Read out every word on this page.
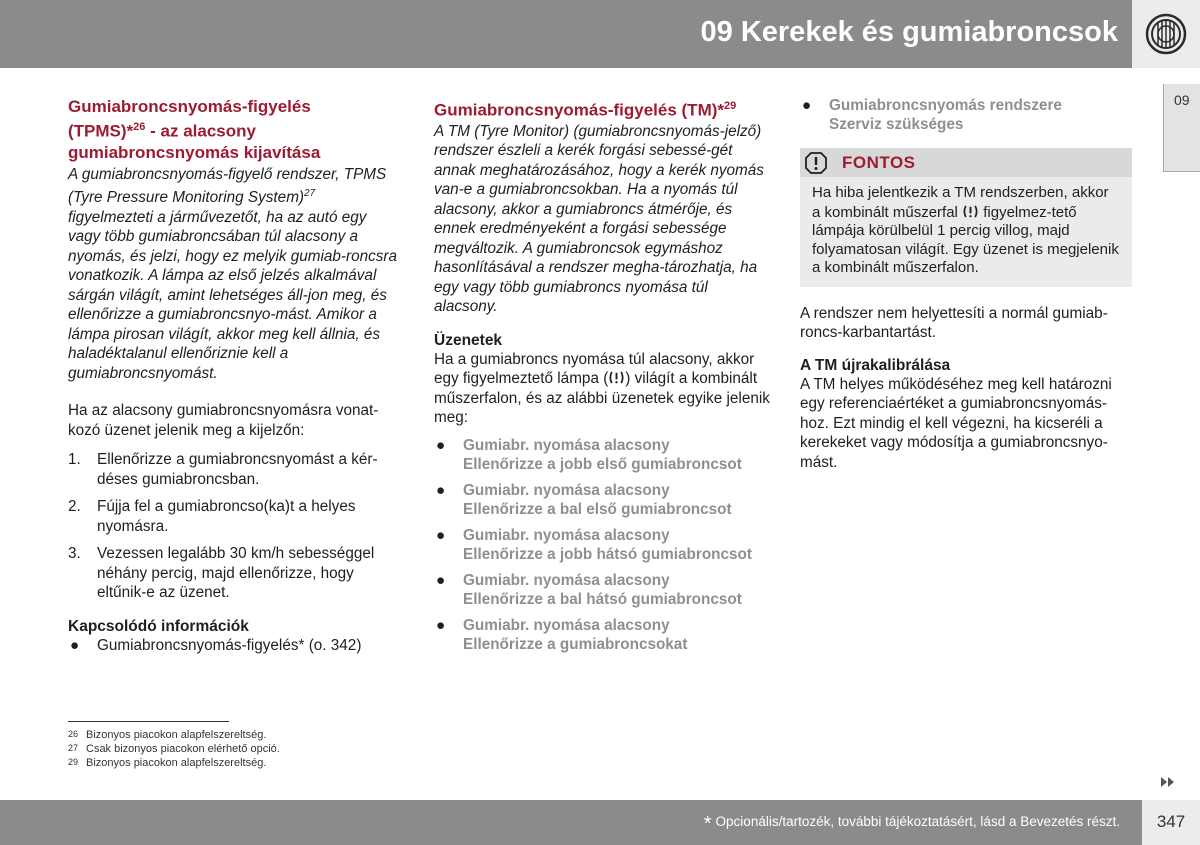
09 Kerekek és gumiabroncsok
09
Gumiabroncsnyomás-figyelés
(TPMS)*$^{26}$ - az alacsony
gumiabroncsnyomás kijavítása

A gumiabroncsnyomás-figyelő rendszer, TPMS (Tyre Pressure Monitoring System)$^{27}$ figyelmezteti a járművezetőt, ha az autó egy vagy több gumiabroncsában túl alacsony a nyomás, és jelzi, hogy ez melyik gumiab-roncsra vonatkozik. A lámpa az első jelzés alkalmával sárgán világít, amint lehetséges áll-jon meg, és ellenőrizze a gumiabroncsnyo-mást. Amikor a lámpa pirosan világít, akkor meg kell állnia, és haladéktalanul ellenőriznie kell a gumiabroncsnyomást.

Ha az alacsony gumiabroncsnyomásra vonat-kozó üzenet jelenik meg a kijelzőn:

1. Ellenőrizze a gumiabroncsnyomást a kér-déses gumiabroncsban.
2. Fújja fel a gumiabroncso(ka)t a helyes nyomásra.
3. Vezessen legalább 30 km/h sebességgel néhány percig, majd ellenőrizze, hogy eltűnik-e az üzenet.
Kapcsolódó információk
● Gumiabroncsnyomás-figyelés* (o. 342)
Gumiabroncsnyomás-figyelés (TM)*$^{29}$

A TM (Tyre Monitor) (gumiabroncsnyomás-jelző) rendszer észleli a kerék forgási sebessé-gét annak meghatározásához, hogy a kerék nyomás van-e a gumiabroncsokban. Ha a nyomás túl alacsony, akkor a gumiabroncs átmérője, és ennek eredményeként a forgási sebessége megváltozik. A gumiabroncsok egymáshoz hasonlításával a rendszer megha-tározhatja, ha egy vagy több gumiabroncs nyomása túl alacsony.

Üzenetek

Ha a gumiabroncs nyomása túl alacsony, akkor egy figyelmeztető lámpa ( ) világít a kombinált műszerfalon, és az alábbi üzenetek egyike jelenik meg:

● Gumiabr. nyomása alacsony
Ellenőrizze a jobb első gumiabroncsot
● Gumiabr. nyomása alacsony
Ellenőrizze a bal első gumiabroncsot
● Gumiabr. nyomása alacsony
Ellenőrizze a jobb hátsó gumiabroncsot
● Gumiabr. nyomása alacsony
Ellenőrizze a bal hátsó gumiabroncsot
● Gumiabr. nyomása alacsony
Ellenőrizze a gumiabroncsokat
● Gumiabroncsnyomás rendszere Szerviz szükséges
FONTOS
Ha hiba jelentkezik a TM rendszerben, akkor a kombinált műszerfal  figyelmez-tető lámpája körülbelül 1 percig villog, majd folyamatosan világít. Egy üzenet is megjelenik a kombinált műszerfalon.

A rendszer nem helyettesíti a normál gumiab-roncs-karbantartást.

A TM újrakalibrálása

A TM helyes működéséhez meg kell határozni egy referenciaértéket a gumiabroncsnyomás-hoz. Ezt mindig el kell végezni, ha kicseréli a kerekeket vagy módosítja a gumiabroncsnyo-mást.

26 Bizonyos piacokon alapfelszereltség.
27 Csak bizonyos piacokon elérhető opció.
29 Bizonyos piacokon alapfelszereltség.
* Opcionális/tartozék, további tájékoztatásért, lásd a Bevezetés részt.	347
